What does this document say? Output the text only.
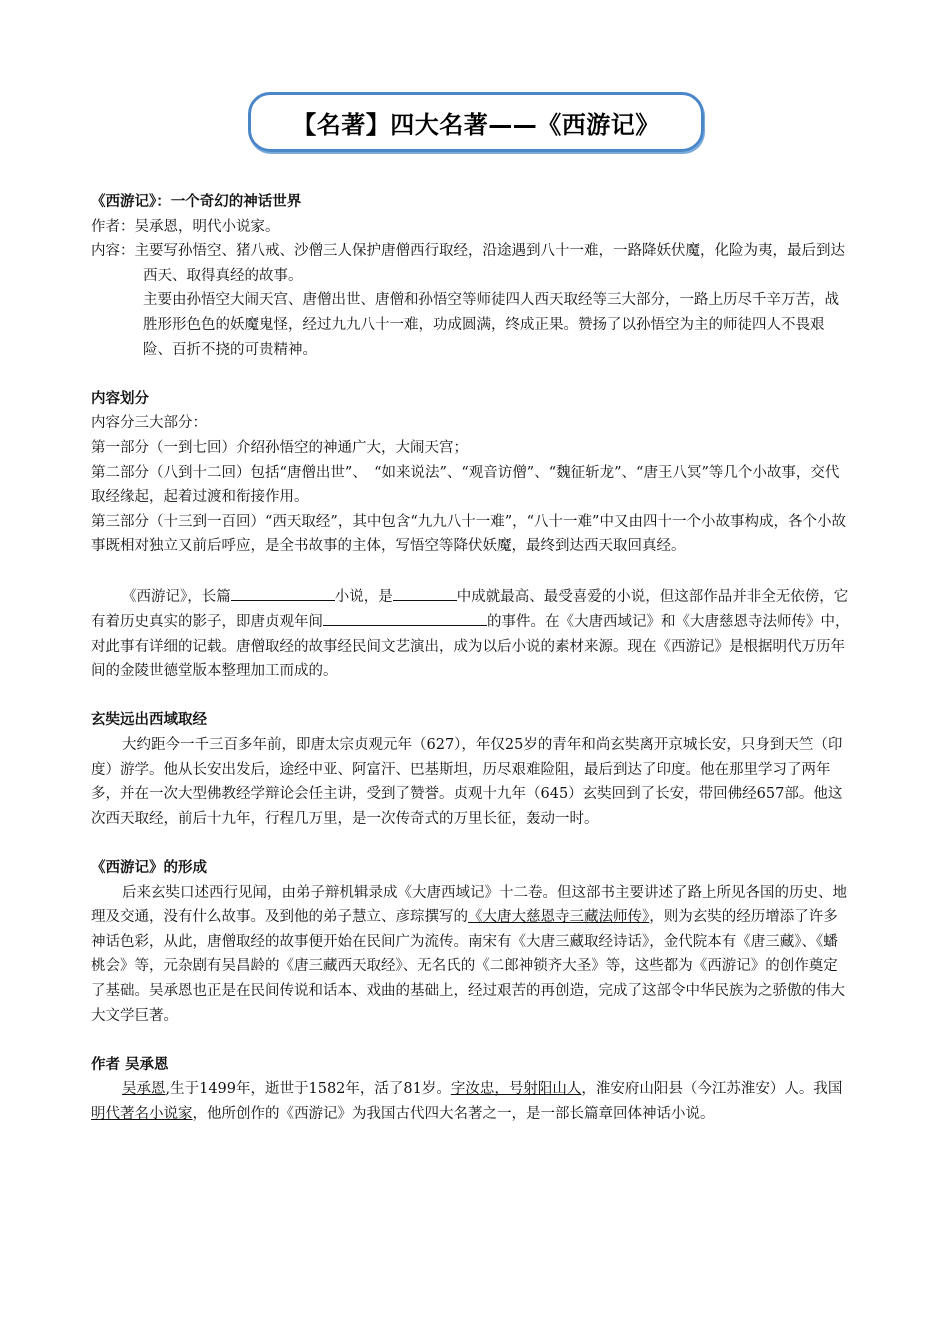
【名著】四大名著——《西游记》
《西游记》：一个奇幻的神话世界
作者：吴承恩，明代小说家。
内容：主要写孙悟空、猪八戒、沙僧三人保护唐僧西行取经，沿途遇到八十一难，一路降妖伏魔，化险为夷，最后到达西天、取得真经的故事。
主要由孙悟空大闹天宫、唐僧出世、唐僧和孙悟空等师徒四人西天取经等三大部分，一路上历尽千辛万苦，战胜形形色色的妖魔鬼怪，经过九九八十一难，功成圆满，终成正果。赞扬了以孙悟空为主的师徒四人不畏艰险、百折不挠的可贵精神。
内容划分
内容分三大部分：
第一部分（一到七回）介绍孙悟空的神通广大，大闹天宫；
第二部分（八到十二回）包括“唐僧出世”、　“如来说法”、“观音访僧”、“魏征斩龙”、“唐王八冥”等几个小故事，交代取经缘起，起着过渡和衔接作用。
第三部分（十三到一百回）“西天取经”，其中包含“九九八十一难”，“八十一难”中又由四十一个小故事构成，各个小故事既相对独立又前后呼应，是全书故事的主体，写悟空等降伏妖魔，最终到达西天取回真经。
《西游记》，长篇	小说，是	中成就最高、最受喜爱的小说，但这部作品并非全无依傍，它有着历史真实的影子，即唐贞观年间	的事件。在《大唐西域记》和《大唐慈恩寺法师传》中，对此事有详细的记载。唐僧取经的故事经民间文艺演出，成为以后小说的素材来源。现在《西游记》是根据明代万历年间的金陵世德堂版本整理加工而成的。
玄奘远出西域取经
大约距今一千三百多年前，即唐太宗贞观元年（627），年仅25岁的青年和尚玄奘离开京城长安，只身到天竺（印度）游学。他从长安出发后，途经中亚、阿富汗、巴基斯坦，历尽艰难险阻，最后到达了印度。他在那里学习了两年多，并在一次大型佛教经学辩论会任主讲，受到了赞誉。贞观十九年（645）玄奘回到了长安，带回佛经657部。他这次西天取经，前后十九年，行程几万里，是一次传奇式的万里长征，轰动一时。
《西游记》的形成
后来玄奘口述西行见闻，由弟子辩机辑录成《大唐西域记》十二卷。但这部书主要讲述了路上所见各国的历史、地理及交通，没有什么故事。及到他的弟子慧立、彦琮撰写的《大唐大慈恩寺三藏法师传》，则为玄奘的经历增添了许多神话色彩，从此，唐僧取经的故事便开始在民间广为流传。南宋有《大唐三藏取经诗话》，金代院本有《唐三藏》、《蟠桃会》等，元杂剧有吴昌龄的《唐三藏西天取经》、无名氏的《二郎神锁齐大圣》等，这些都为《西游记》的创作奠定了基础。吴承恩也正是在民间传说和话本、戏曲的基础上，经过艰苦的再创造，完成了这部令中华民族为之骄傲的伟大大文学巨著。
作者 吴承恩
吴承恩,生于1499年，逝世于1582年，活了81岁。字汝忠，号射阳山人，淮安府山阳县（今江苏淮安）人。我国明代著名小说家，他所创作的《西游记》为我国古代四大名著之一，是一部长篇章回体神话小说。
